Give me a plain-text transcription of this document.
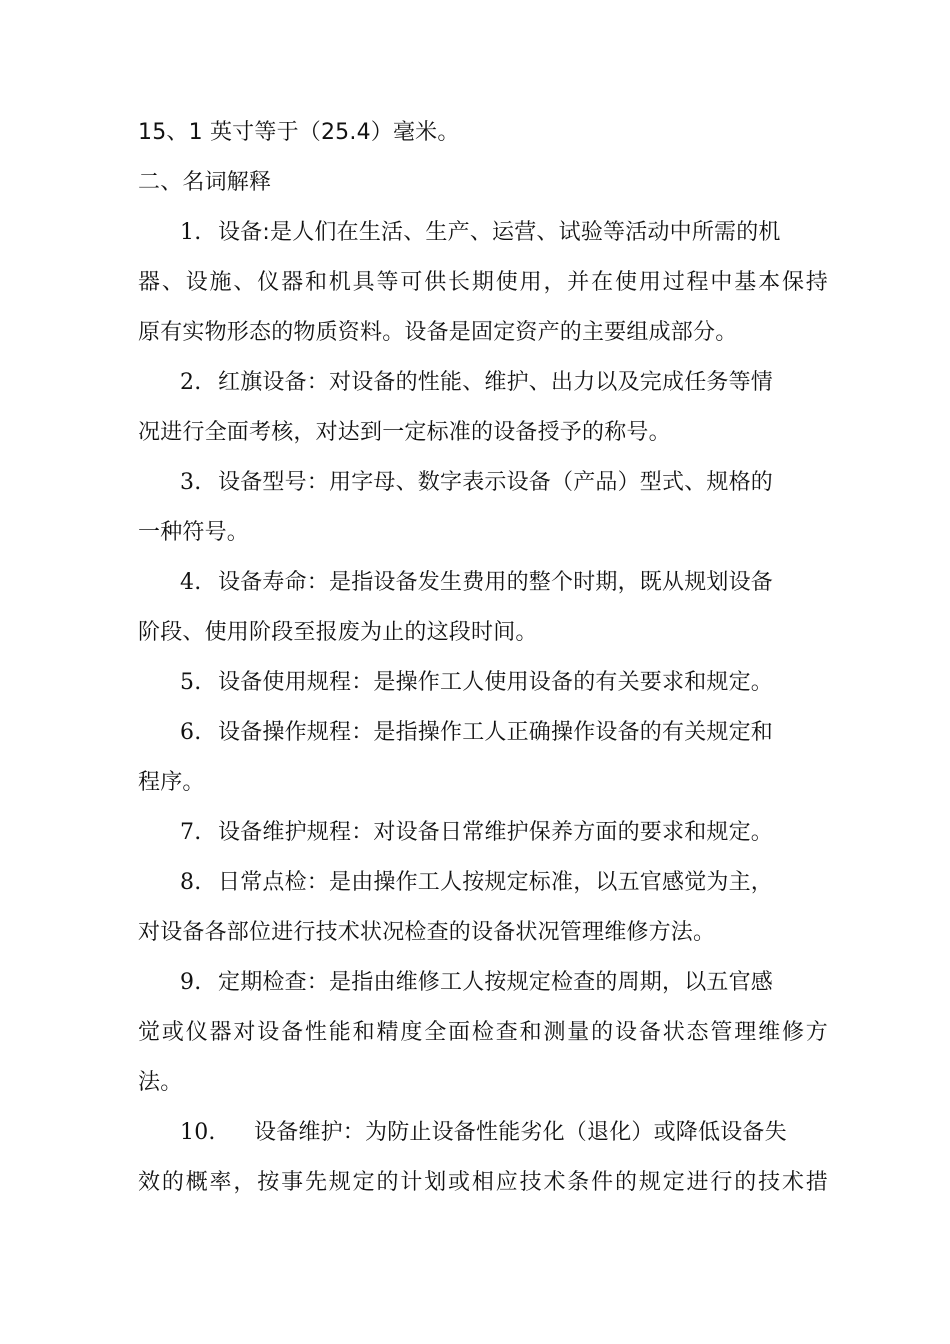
15、1 英寸等于（25.4）毫米。
二、名词解释
1. 设备:是人们在生活、生产、运营、试验等活动中所需的机
器、设施、仪器和机具等可供长期使用，并在使用过程中基本保持
原有实物形态的物质资料。设备是固定资产的主要组成部分。
2. 红旗设备：对设备的性能、维护、出力以及完成任务等情
况进行全面考核，对达到一定标准的设备授予的称号。
3. 设备型号：用字母、数字表示设备（产品）型式、规格的
一种符号。
4. 设备寿命：是指设备发生费用的整个时期，既从规划设备
阶段、使用阶段至报废为止的这段时间。
5. 设备使用规程：是操作工人使用设备的有关要求和规定。
6. 设备操作规程：是指操作工人正确操作设备的有关规定和
程序。
7. 设备维护规程：对设备日常维护保养方面的要求和规定。
8. 日常点检：是由操作工人按规定标准，以五官感觉为主，
对设备各部位进行技术状况检查的设备状况管理维修方法。
9. 定期检查：是指由维修工人按规定检查的周期，以五官感
觉或仪器对设备性能和精度全面检查和测量的设备状态管理维修方
法。
10. 设备维护：为防止设备性能劣化（退化）或降低设备失
效的概率，按事先规定的计划或相应技术条件的规定进行的技术措
